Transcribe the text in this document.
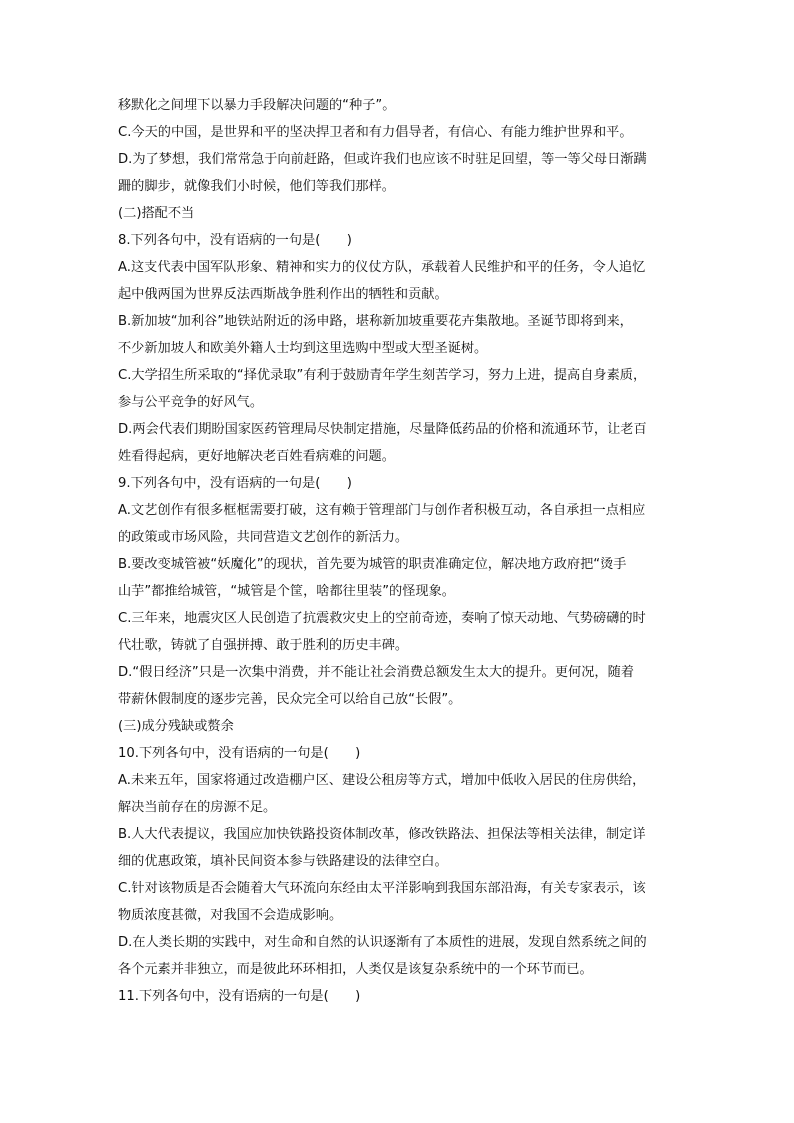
移默化之间埋下以暴力手段解决问题的“种子”。
C.今天的中国，是世界和平的坚决捍卫者和有力倡导者，有信心、有能力维护世界和平。
D.为了梦想，我们常常急于向前赶路，但或许我们也应该不时驻足回望，等一等父母日渐蹒
跚的脚步，就像我们小时候，他们等我们那样。
(二)搭配不当
8.下列各句中，没有语病的一句是(　　)
A.这支代表中国军队形象、精神和实力的仪仗方队，承载着人民维护和平的任务，令人追忆
起中俄两国为世界反法西斯战争胜利作出的牺牲和贡献。
B.新加坡“加利谷”地铁站附近的汤申路，堪称新加坡重要花卉集散地。圣诞节即将到来，
不少新加坡人和欧美外籍人士均到这里选购中型或大型圣诞树。
C.大学招生所采取的“择优录取”有利于鼓励青年学生刻苦学习，努力上进，提高自身素质，
参与公平竞争的好风气。
D.两会代表们期盼国家医药管理局尽快制定措施，尽量降低药品的价格和流通环节，让老百
姓看得起病，更好地解决老百姓看病难的问题。
9.下列各句中，没有语病的一句是(　　)
A.文艺创作有很多框框需要打破，这有赖于管理部门与创作者积极互动，各自承担一点相应
的政策或市场风险，共同营造文艺创作的新活力。
B.要改变城管被“妖魔化”的现状，首先要为城管的职责准确定位，解决地方政府把“烫手
山芋”都推给城管，“城管是个筐，啥都往里装”的怪现象。
C.三年来，地震灾区人民创造了抗震救灾史上的空前奇迹，奏响了惊天动地、气势磅礴的时
代壮歌，铸就了自强拼搏、敢于胜利的历史丰碑。
D.“假日经济”只是一次集中消费，并不能让社会消费总额发生太大的提升。更何况，随着
带薪休假制度的逐步完善，民众完全可以给自己放“长假”。
(三)成分残缺或赘余
10.下列各句中，没有语病的一句是(　　)
A.未来五年，国家将通过改造棚户区、建设公租房等方式，增加中低收入居民的住房供给，
解决当前存在的房源不足。
B.人大代表提议，我国应加快铁路投资体制改革，修改铁路法、担保法等相关法律，制定详
细的优惠政策，填补民间资本参与铁路建设的法律空白。
C.针对该物质是否会随着大气环流向东经由太平洋影响到我国东部沿海，有关专家表示，该
物质浓度甚微，对我国不会造成影响。
D.在人类长期的实践中，对生命和自然的认识逐渐有了本质性的进展，发现自然系统之间的
各个元素并非独立，而是彼此环环相扣，人类仅是该复杂系统中的一个环节而已。
11.下列各句中，没有语病的一句是(　　)
